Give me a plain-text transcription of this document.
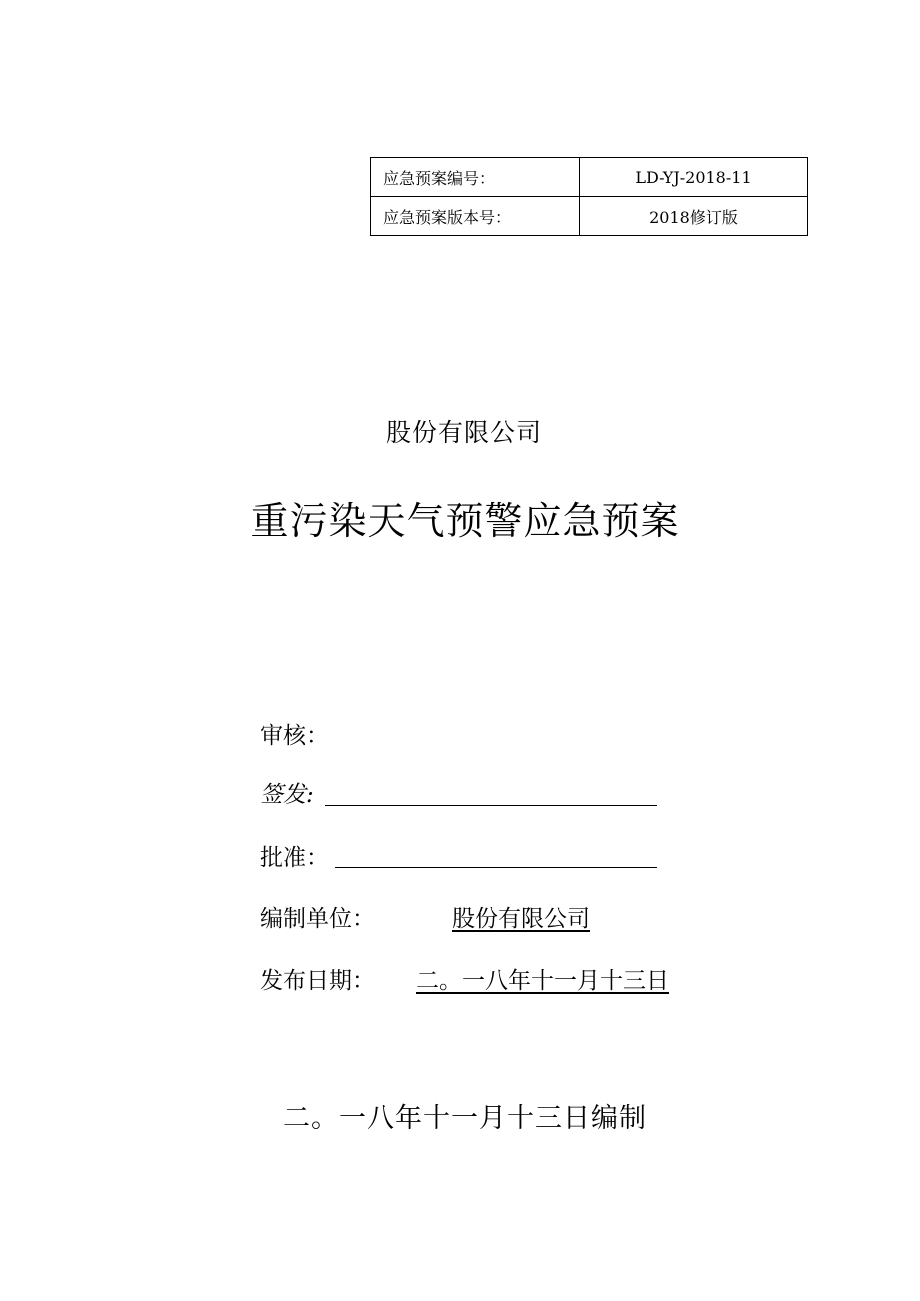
应急预案编号：	LD-YJ-2018-11
应急预案版本号：	2018修订版
股份有限公司
重污染天气预警应急预案
审核：
签发:
批准：
编制单位：	股份有限公司
发布日期： 二。一八年十一月十三日
二。一八年十一月十三日编制
